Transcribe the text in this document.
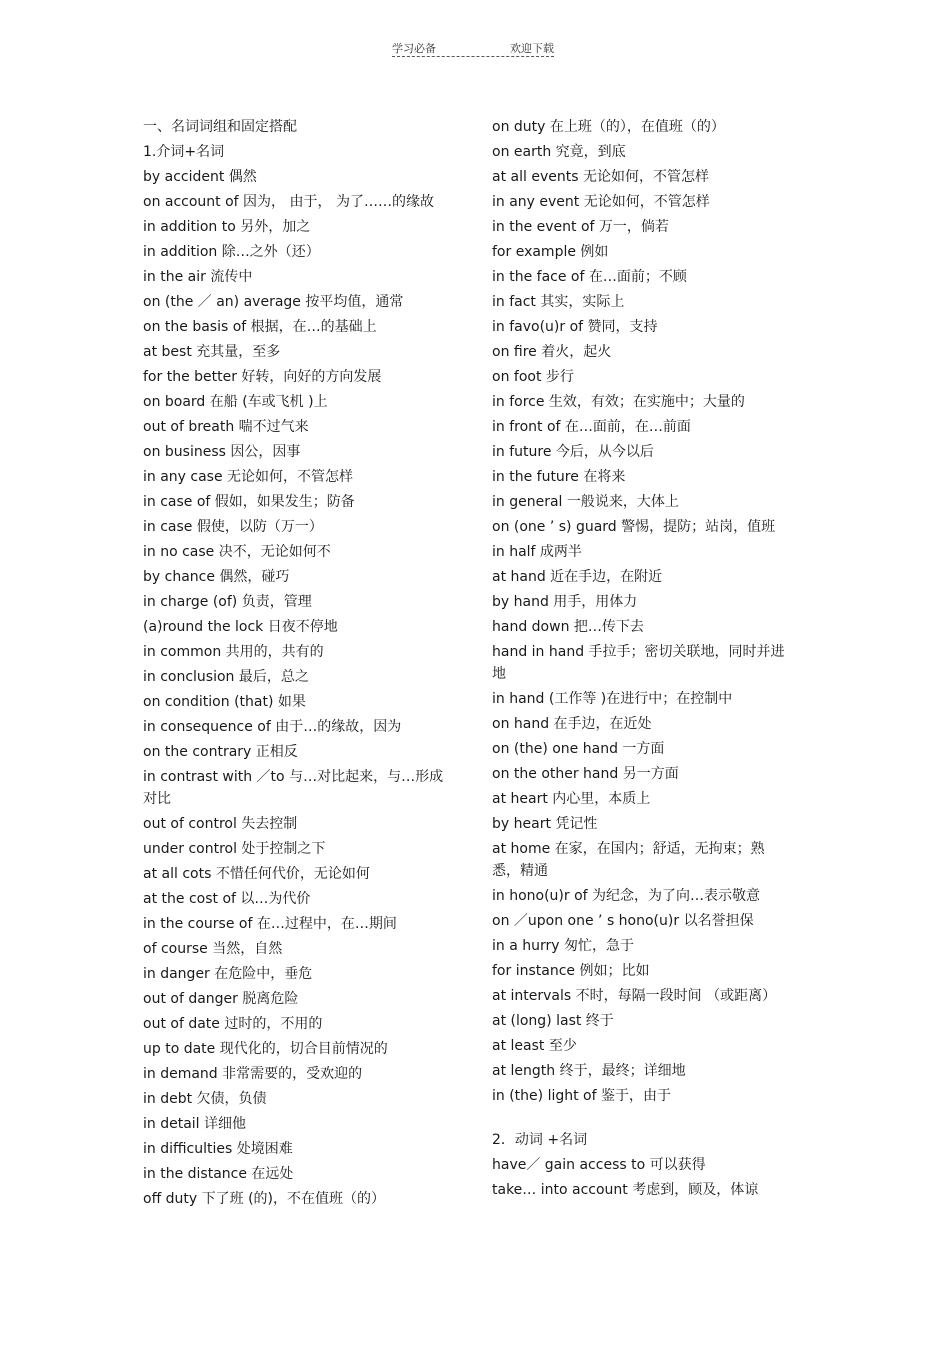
学习必备	欢迎下载
一、名词词组和固定搭配
1.介词+名词
by accident 偶然
on account of 因为， 由于， 为了……的缘故
in addition to 另外，加之
in addition 除…之外（还）
in the air 流传中
on (the ／ an) average 按平均值，通常
on the basis of 根据，在…的基础上
at best 充其量，至多
for the better 好转，向好的方向发展
on board 在船 (车或飞机 )上
out of breath 喘不过气来
on business 因公，因事
in any case 无论如何，不管怎样
in case of 假如，如果发生；防备
in case 假使，以防（万一）
in no case 决不，无论如何不
by chance 偶然，碰巧
in charge (of) 负责，管理
(a)round the lock 日夜不停地
in common 共用的，共有的
in conclusion 最后，总之
on condition (that) 如果
in consequence of 由于…的缘故，因为
on the contrary 正相反
in contrast with ／to 与…对比起来，与…形成对比
out of control 失去控制
under control 处于控制之下
at all cots 不惜任何代价，无论如何
at the cost of 以…为代价
in the course of 在…过程中，在…期间
of course 当然，自然
in danger 在危险中，垂危
out of danger 脱离危险
out of date 过时的，不用的
up to date 现代化的，切合目前情况的
in demand 非常需要的，受欢迎的
in debt 欠债，负债
in detail 详细他
in difficulties 处境困难
in the distance 在远处
off duty 下了班 (的)，不在值班（的）
on duty 在上班（的），在值班（的）
on earth 究竟，到底
at all events 无论如何，不管怎样
in any event 无论如何，不管怎样
in the event of 万一，倘若
for example 例如
in the face of 在…面前；不顾
in fact 其实，实际上
in favo(u)r of 赞同，支持
on fire 着火，起火
on foot 步行
in force 生效，有效；在实施中；大量的
in front of 在…面前，在…前面
in future 今后，从今以后
in the future 在将来
in general 一般说来，大体上
on (one ’ s) guard 警惕，提防；站岗，值班
in half 成两半
at hand 近在手边，在附近
by hand 用手，用体力
hand down 把…传下去
hand in hand 手拉手；密切关联地，同时并进地
in hand (工作等 )在进行中；在控制中
on hand 在手边，在近处
on (the) one hand 一方面
on the other hand 另一方面
at heart 内心里，本质上
by heart 凭记性
at home 在家，在国内；舒适，无拘束；熟悉，精通
in hono(u)r of 为纪念，为了向…表示敬意
on ／upon one ’ s hono(u)r 以名誉担保
in a hurry 匆忙，急于
for instance 例如；比如
at intervals 不时，每隔一段时间 （或距离）
at (long) last 终于
at least 至少
at length 终于，最终；详细地
in (the) light of 鉴于，由于
2．动词 +名词
have／ gain access to 可以获得
take… into account 考虑到，顾及，体谅
